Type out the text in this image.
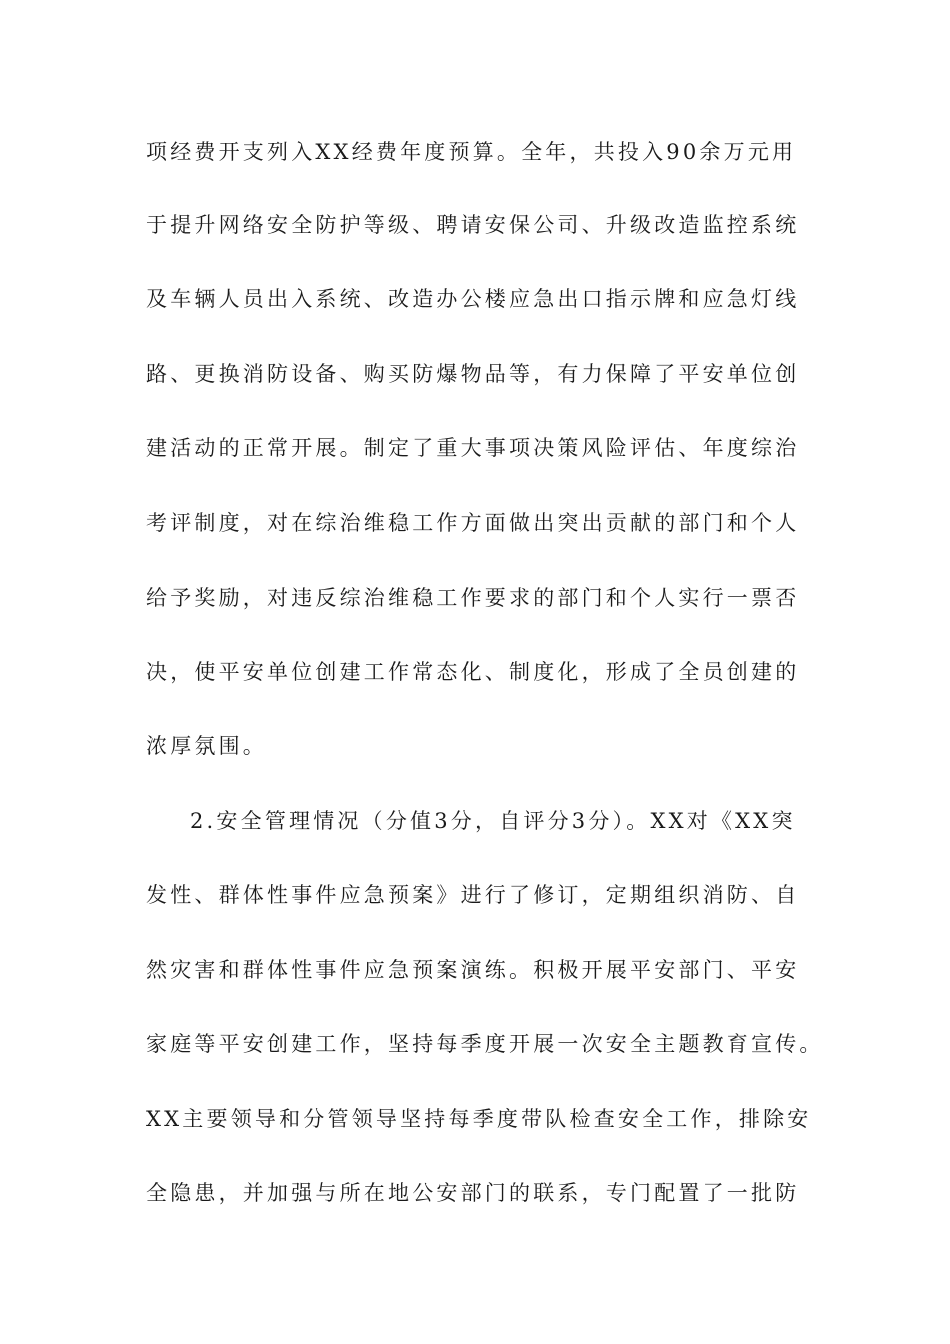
项经费开支列入XX经费年度预算。全年，共投入90余万元用
于提升网络安全防护等级、聘请安保公司、升级改造监控系统
及车辆人员出入系统、改造办公楼应急出口指示牌和应急灯线
路、更换消防设备、购买防爆物品等，有力保障了平安单位创
建活动的正常开展。制定了重大事项决策风险评估、年度综治
考评制度，对在综治维稳工作方面做出突出贡献的部门和个人
给予奖励，对违反综治维稳工作要求的部门和个人实行一票否
决，使平安单位创建工作常态化、制度化，形成了全员创建的
浓厚氛围。
2.安全管理情况（分值3分，自评分3分）。XX对《XX突
发性、群体性事件应急预案》进行了修订，定期组织消防、自
然灾害和群体性事件应急预案演练。积极开展平安部门、平安
家庭等平安创建工作，坚持每季度开展一次安全主题教育宣传。
XX主要领导和分管领导坚持每季度带队检查安全工作，排除安
全隐患，并加强与所在地公安部门的联系，专门配置了一批防
